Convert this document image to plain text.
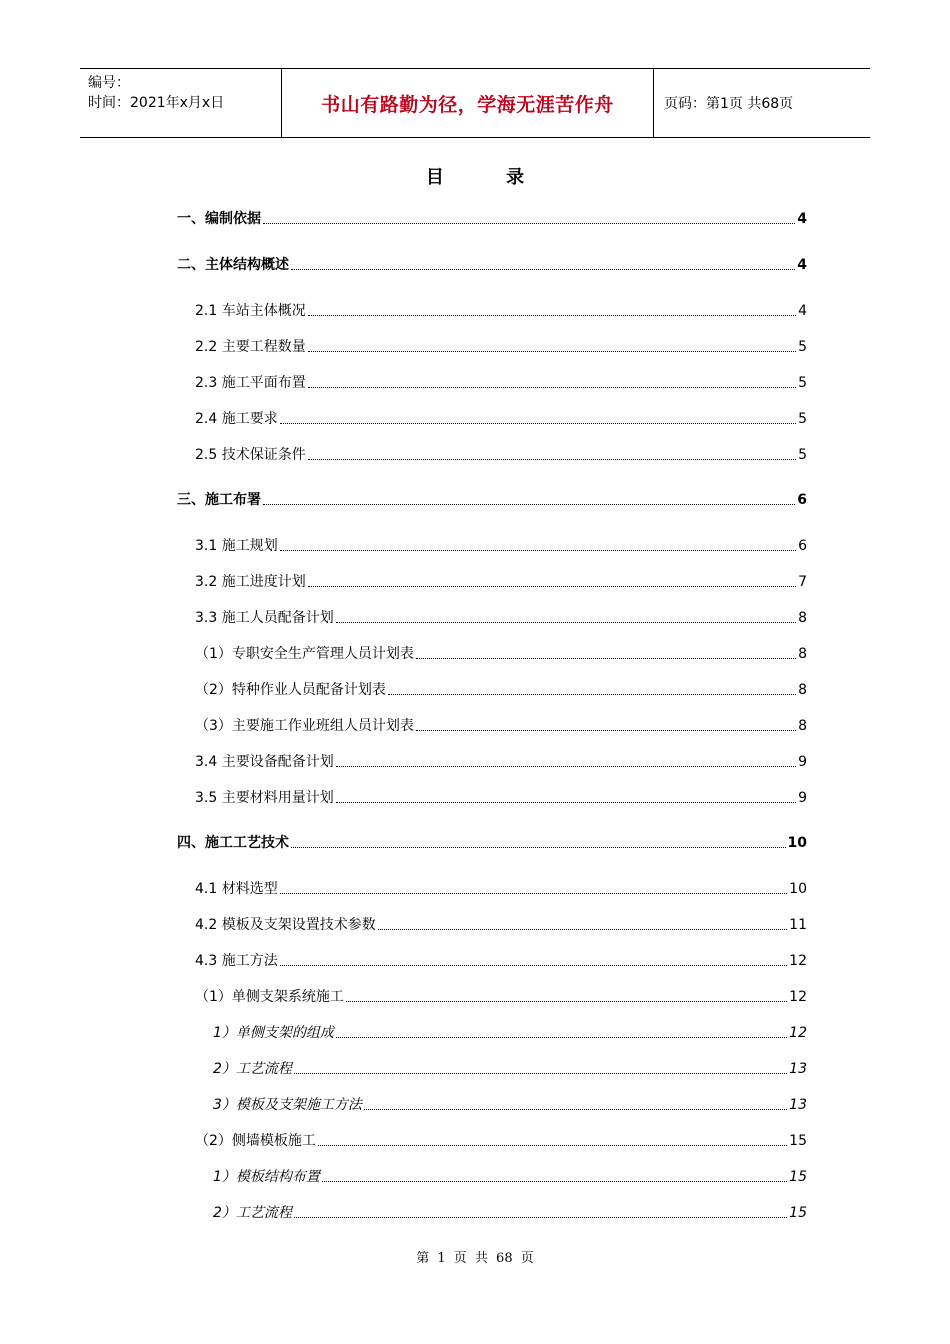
编号：
时间：2021年x月x日	书山有路勤为径，学海无涯苦作舟	页码：第1页 共68页
目 录
一、编制依据	4
二、主体结构概述	4
2.1 车站主体概况	4
2.2 主要工程数量	5
2.3 施工平面布置	5
2.4 施工要求	5
2.5 技术保证条件	5
三、施工布署	6
3.1 施工规划	6
3.2 施工进度计划	7
3.3 施工人员配备计划	8
（1）专职安全生产管理人员计划表	8
（2）特种作业人员配备计划表	8
（3）主要施工作业班组人员计划表	8
3.4 主要设备配备计划	9
3.5 主要材料用量计划	9
四、施工工艺技术	10
4.1 材料选型	10
4.2 模板及支架设置技术参数	11
4.3 施工方法	12
（1）单侧支架系统施工	12
1）单侧支架的组成	12
2）工艺流程	13
3）模板及支架施工方法	13
（2）侧墙模板施工	15
1）模板结构布置	15
2）工艺流程	15
第 1 页 共 68 页
